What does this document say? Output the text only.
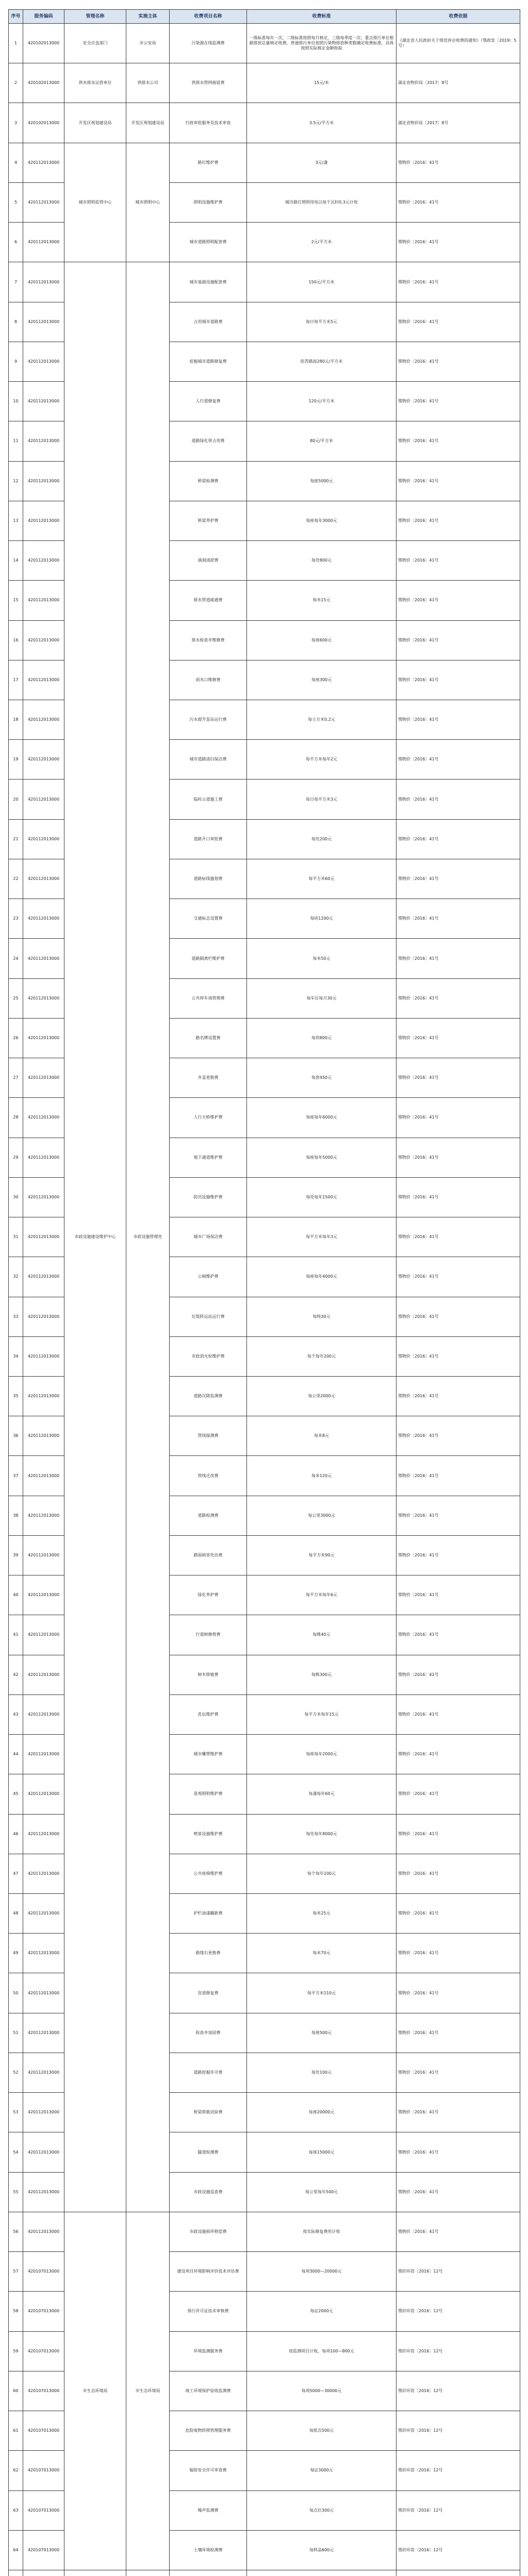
序号	服务编码	管理名称	实施主体	收费项目名称	收费标准	收费依据
1	420102013000	安全应急部门	市公安局	污染源在线监测费	一级标准每年一次，二级标准按照每月核定，三级每季度一次；重点排污单位根据排放总量核定收费，普通排污单位按照污染物排放种类数确定收费标准，具体按照实际核定金额收取	《湖北省人民政府关于规范涉企收费的通知》（鄂政发〔2019〕5号）
2	420102013000	供水排水运营单位	供排水公司	供排水管网接驳费	15元/米	湖北省物价局〔2017〕8号
3	420102013000	开发区规划建设局	开发区规划建设局	行政审批服务及技术审查	3.5元/平方米	湖北省物价局〔2017〕8号
4	420112013000	城市照明监管中心	城市照明中心	路灯维护费	3元/盏	鄂物价〔2016〕41号
5	420112013000			照明设施维护费	城市路灯照明用电以每千瓦时0.3元计收	鄂物价〔2016〕41号
6	420112013000			城市道路照明配套费	2元/平方米	鄂物价〔2016〕41号
7	420112013000	市政设施建设维护中心	市政设施管理处	城市基础设施配套费	150元/平方米	鄂物价〔2016〕41号
8	420112013000			占用城市道路费	每日每平方米5元	鄂物价〔2016〕41号
9	420112013000			挖掘城市道路修复费	沥青路面280元/平方米	鄂物价〔2016〕41号
10	420112013000			人行道修复费	120元/平方米	鄂物价〔2016〕41号
11	420112013000			道路绿化带占用费	80元/平方米	鄂物价〔2016〕41号
12	420112013000			桥梁检测费	每座5000元	鄂物价〔2016〕41号
13	420112013000			桥梁养护费	每座每年3000元	鄂物价〔2016〕41号
14	420112013000			涵洞清淤费	每处800元	鄂物价〔2016〕41号
15	420112013000			排水管道疏通费	每米15元	鄂物价〔2016〕41号
16	420112013000			排水检查井维修费	每座600元	鄂物价〔2016〕41号
17	420112013000			雨水口维修费	每座300元	鄂物价〔2016〕41号
18	420112013000			污水提升泵站运行费	每立方米0.2元	鄂物价〔2016〕41号
19	420112013000			城市道路清扫保洁费	每平方米每年2元	鄂物价〔2016〕41号
20	420112013000			临时占道施工费	每日每平方米3元	鄂物价〔2016〕41号
21	420112013000			道路开口审批费	每处200元	鄂物价〔2016〕41号
22	420112013000			道路标线施划费	每平方米60元	鄂物价〔2016〕41号
23	420112013000			交通标志设置费	每块1200元	鄂物价〔2016〕41号
24	420112013000			道路隔离栏维护费	每米50元	鄂物价〔2016〕41号
25	420112013000			公共停车场管理费	每车位每月30元	鄂物价〔2016〕41号
26	420112013000			路名牌设置费	每块800元	鄂物价〔2016〕41号
27	420112013000			井盖更换费	每套450元	鄂物价〔2016〕41号
28	420112013000			人行天桥维护费	每座每年6000元	鄂物价〔2016〕41号
29	420112013000			地下通道维护费	每座每年5000元	鄂物价〔2016〕41号
30	420112013000			防汛设施维护费	每处每年1500元	鄂物价〔2016〕41号
31	420112013000			城市广场保洁费	每平方米每年3元	鄂物价〔2016〕41号
32	420112013000			公厕维护费	每座每年4000元	鄂物价〔2016〕41号
33	420112013000			垃圾转运站运行费	每吨30元	鄂物价〔2016〕41号
34	420112013000			市政消火栓维护费	每个每年200元	鄂物价〔2016〕41号
35	420112013000			道路沉降监测费	每公里2000元	鄂物价〔2016〕41号
36	420112013000			管线探测费	每米8元	鄂物价〔2016〕41号
37	420112013000			管线迁改费	每米120元	鄂物价〔2016〕41号
38	420112013000			道路检测费	每公里3000元	鄂物价〔2016〕41号
39	420112013000			路面病害处治费	每平方米90元	鄂物价〔2016〕41号
40	420112013000			绿化养护费	每平方米每年6元	鄂物价〔2016〕41号
41	420112013000			行道树修剪费	每株40元	鄂物价〔2016〕41号
42	420112013000			树木移植费	每株300元	鄂物价〔2016〕41号
43	420112013000			花坛维护费	每平方米每年15元	鄂物价〔2016〕41号
44	420112013000			城市雕塑维护费	每座每年2000元	鄂物价〔2016〕41号
45	420112013000			景观照明维护费	每盏每年60元	鄂物价〔2016〕41号
46	420112013000			喷泉设施维护费	每处每年8000元	鄂物价〔2016〕41号
47	420112013000			公共座椅维护费	每个每年100元	鄂物价〔2016〕41号
48	420112013000			护栏油漆翻新费	每米25元	鄂物价〔2016〕41号
49	420112013000			路缘石更换费	每米70元	鄂物价〔2016〕41号
50	420112013000			盲道修复费	每平方米110元	鄂物价〔2016〕41号
51	420112013000			检查井加固费	每座500元	鄂物价〔2016〕41号
52	420112013000			道路挖掘许可费	每处100元	鄂物价〔2016〕41号
53	420112013000			桥梁荷载试验费	每座20000元	鄂物价〔2016〕41号
54	420112013000			隧道检测费	每座15000元	鄂物价〔2016〕41号
55	420112013000			市政设施巡查费	每公里每年500元	鄂物价〔2016〕41号
56	420112013000	市生态环境局	市生态环境局	市政设施损坏赔偿费	按实际修复费用计收	鄂物价〔2016〕41号
57	420107013000			建设项目环境影响评价技术评估费	每项3000—20000元	鄂价环资〔2016〕12号
58	420107013000			排污许可证技术审核费	每证2000元	鄂价环资〔2016〕12号
59	420107013000			环境监测服务费	按监测项目计收，每项100—800元	鄂价环资〔2016〕12号
60	420107013000			竣工环境保护验收监测费	每项5000—30000元	鄂价环资〔2016〕12号
61	420107013000			危险废物转移管理服务费	每批次500元	鄂价环资〔2016〕12号
62	420107013000			辐射安全许可审查费	每证3000元	鄂价环资〔2016〕12号
63	420107013000			噪声监测费	每点位300元	鄂价环资〔2016〕12号
64	420107013000			土壤环境检测费	每样品600元	鄂价环资〔2016〕12号
